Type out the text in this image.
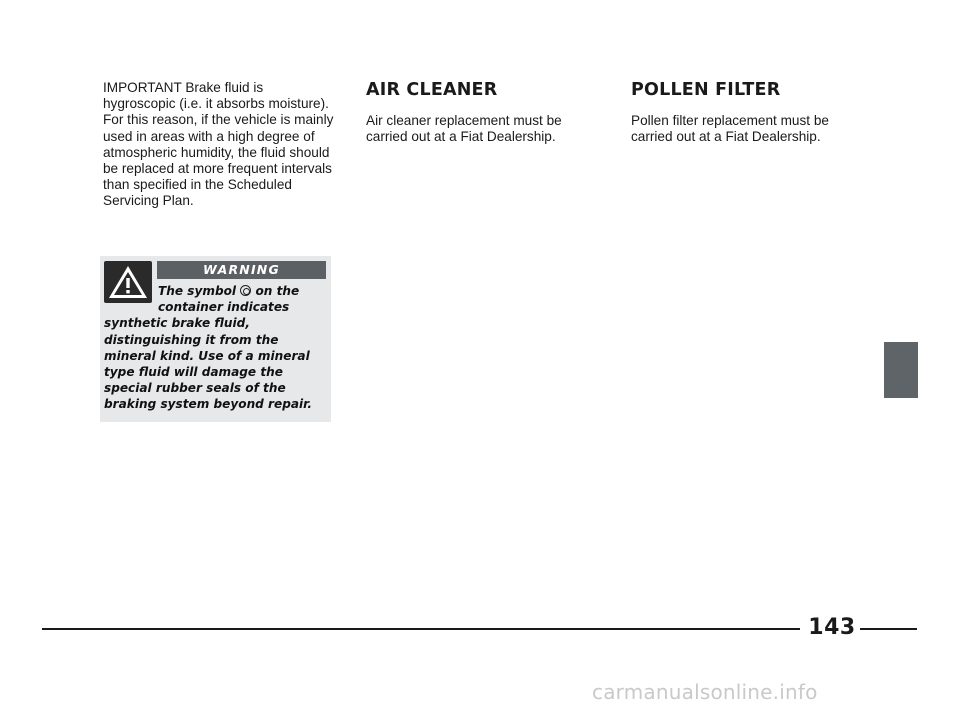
IMPORTANT Brake fluid is hygroscopic (i.e. it absorbs moisture). For this reason, if the vehicle is mainly used in areas with a high degree of atmospheric humidity, the fluid should be replaced at more frequent intervals than specified in the Scheduled Servicing Plan.

WARNING
The symbol  on the container indicates synthetic brake fluid, distinguishing it from the mineral kind. Use of a mineral type fluid will damage the special rubber seals of the braking system beyond repair.
AIR CLEANER

Air cleaner replacement must be carried out at a Fiat Dealership.

POLLEN FILTER

Pollen filter replacement must be carried out at a Fiat Dealership.

143
carmanualsonline.info
